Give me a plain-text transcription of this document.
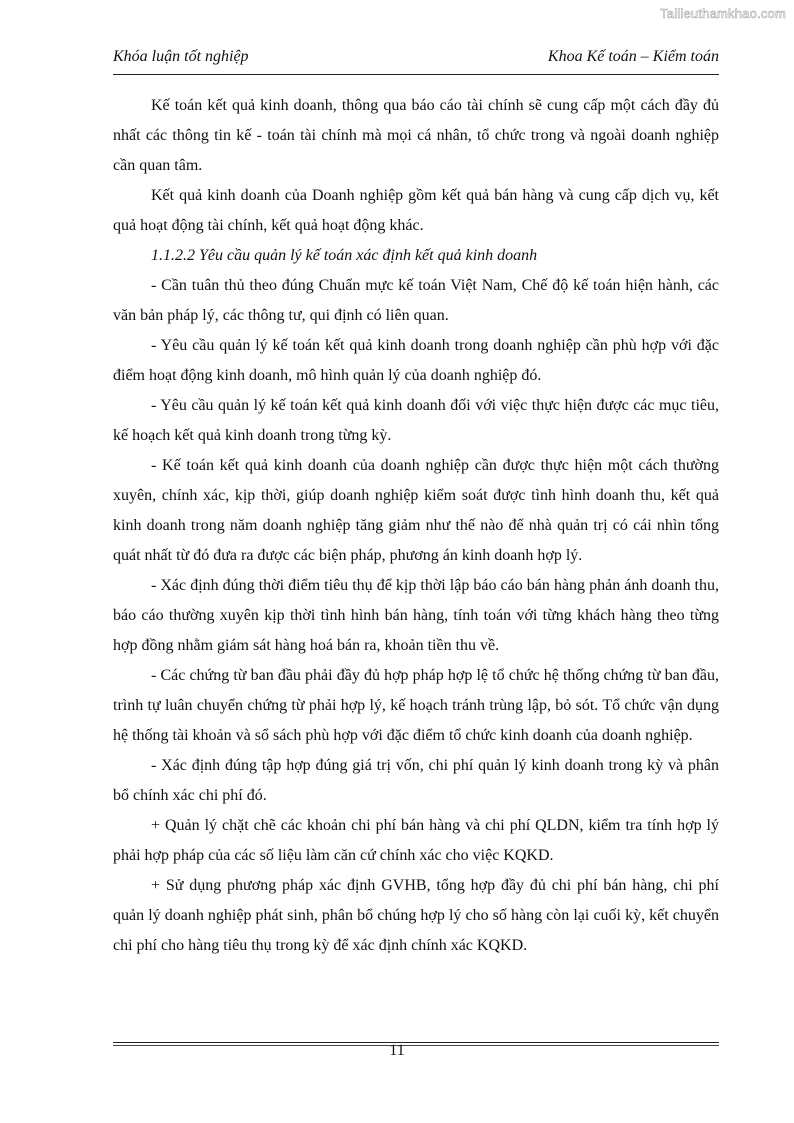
Tailieuthamkhao.com
Khóa luận tốt nghiệp	Khoa Kế toán – Kiểm toán

Kế toán kết quả kinh doanh, thông qua báo cáo tài chính sẽ cung cấp một cách đầy đủ nhất các thông tin kế - toán tài chính mà mọi cá nhân, tổ chức trong và ngoài doanh nghiệp cần quan tâm.

Kết quả kinh doanh của Doanh nghiệp gồm kết quả bán hàng và cung cấp dịch vụ, kết quả hoạt động tài chính, kết quả hoạt động khác.

1.1.2.2 Yêu cầu quản lý kế toán xác định kết quả kinh doanh

- Cần tuân thủ theo đúng Chuẩn mực kế toán Việt Nam, Chế độ kế toán hiện hành, các văn bản pháp lý, các thông tư, qui định có liên quan.

- Yêu cầu quản lý kế toán kết quả kinh doanh trong doanh nghiệp cần phù hợp với đặc điểm hoạt động kinh doanh, mô hình quản lý của doanh nghiệp đó.

- Yêu cầu quản lý kế toán kết quả kinh doanh đối với việc thực hiện được các mục tiêu, kế hoạch kết quả kinh doanh trong từng kỳ.

- Kế toán kết quả kinh doanh của doanh nghiệp cần được thực hiện một cách thường xuyên, chính xác, kịp thời, giúp doanh nghiệp kiểm soát được tình hình doanh thu, kết quả kinh doanh trong năm doanh nghiệp tăng giảm như thế nào để nhà quản trị có cái nhìn tổng quát nhất từ đó đưa ra được các biện pháp, phương án kinh doanh hợp lý.

- Xác định đúng thời điểm tiêu thụ để kịp thời lập báo cáo bán hàng phản ánh doanh thu, báo cáo thường xuyên kịp thời tình hình bán hàng, tính toán với từng khách hàng theo từng hợp đồng nhằm giám sát hàng hoá bán ra, khoản tiền thu về.

- Các chứng từ ban đầu phải đầy đủ hợp pháp hợp lệ tổ chức hệ thống chứng từ ban đầu, trình tự luân chuyển chứng từ phải hợp lý, kế hoạch tránh trùng lập, bỏ sót. Tổ chức vận dụng hệ thống tài khoản và sổ sách phù hợp với đặc điểm tổ chức kinh doanh của doanh nghiệp.

- Xác định đúng tập hợp đúng giá trị vốn, chi phí quản lý kinh doanh trong kỳ và phân bổ chính xác chi phí đó.

+ Quản lý chặt chẽ các khoản chi phí bán hàng và chi phí QLDN, kiểm tra tính hợp lý phải hợp pháp của các số liệu làm căn cứ chính xác cho việc KQKD.

+ Sử dụng phương pháp xác định GVHB, tổng hợp đầy đủ chi phí bán hàng, chi phí quản lý doanh nghiệp phát sinh, phân bổ chúng hợp lý cho số hàng còn lại cuối kỳ, kết chuyển chi phí cho hàng tiêu thụ trong kỳ để xác định chính xác KQKD.

11
